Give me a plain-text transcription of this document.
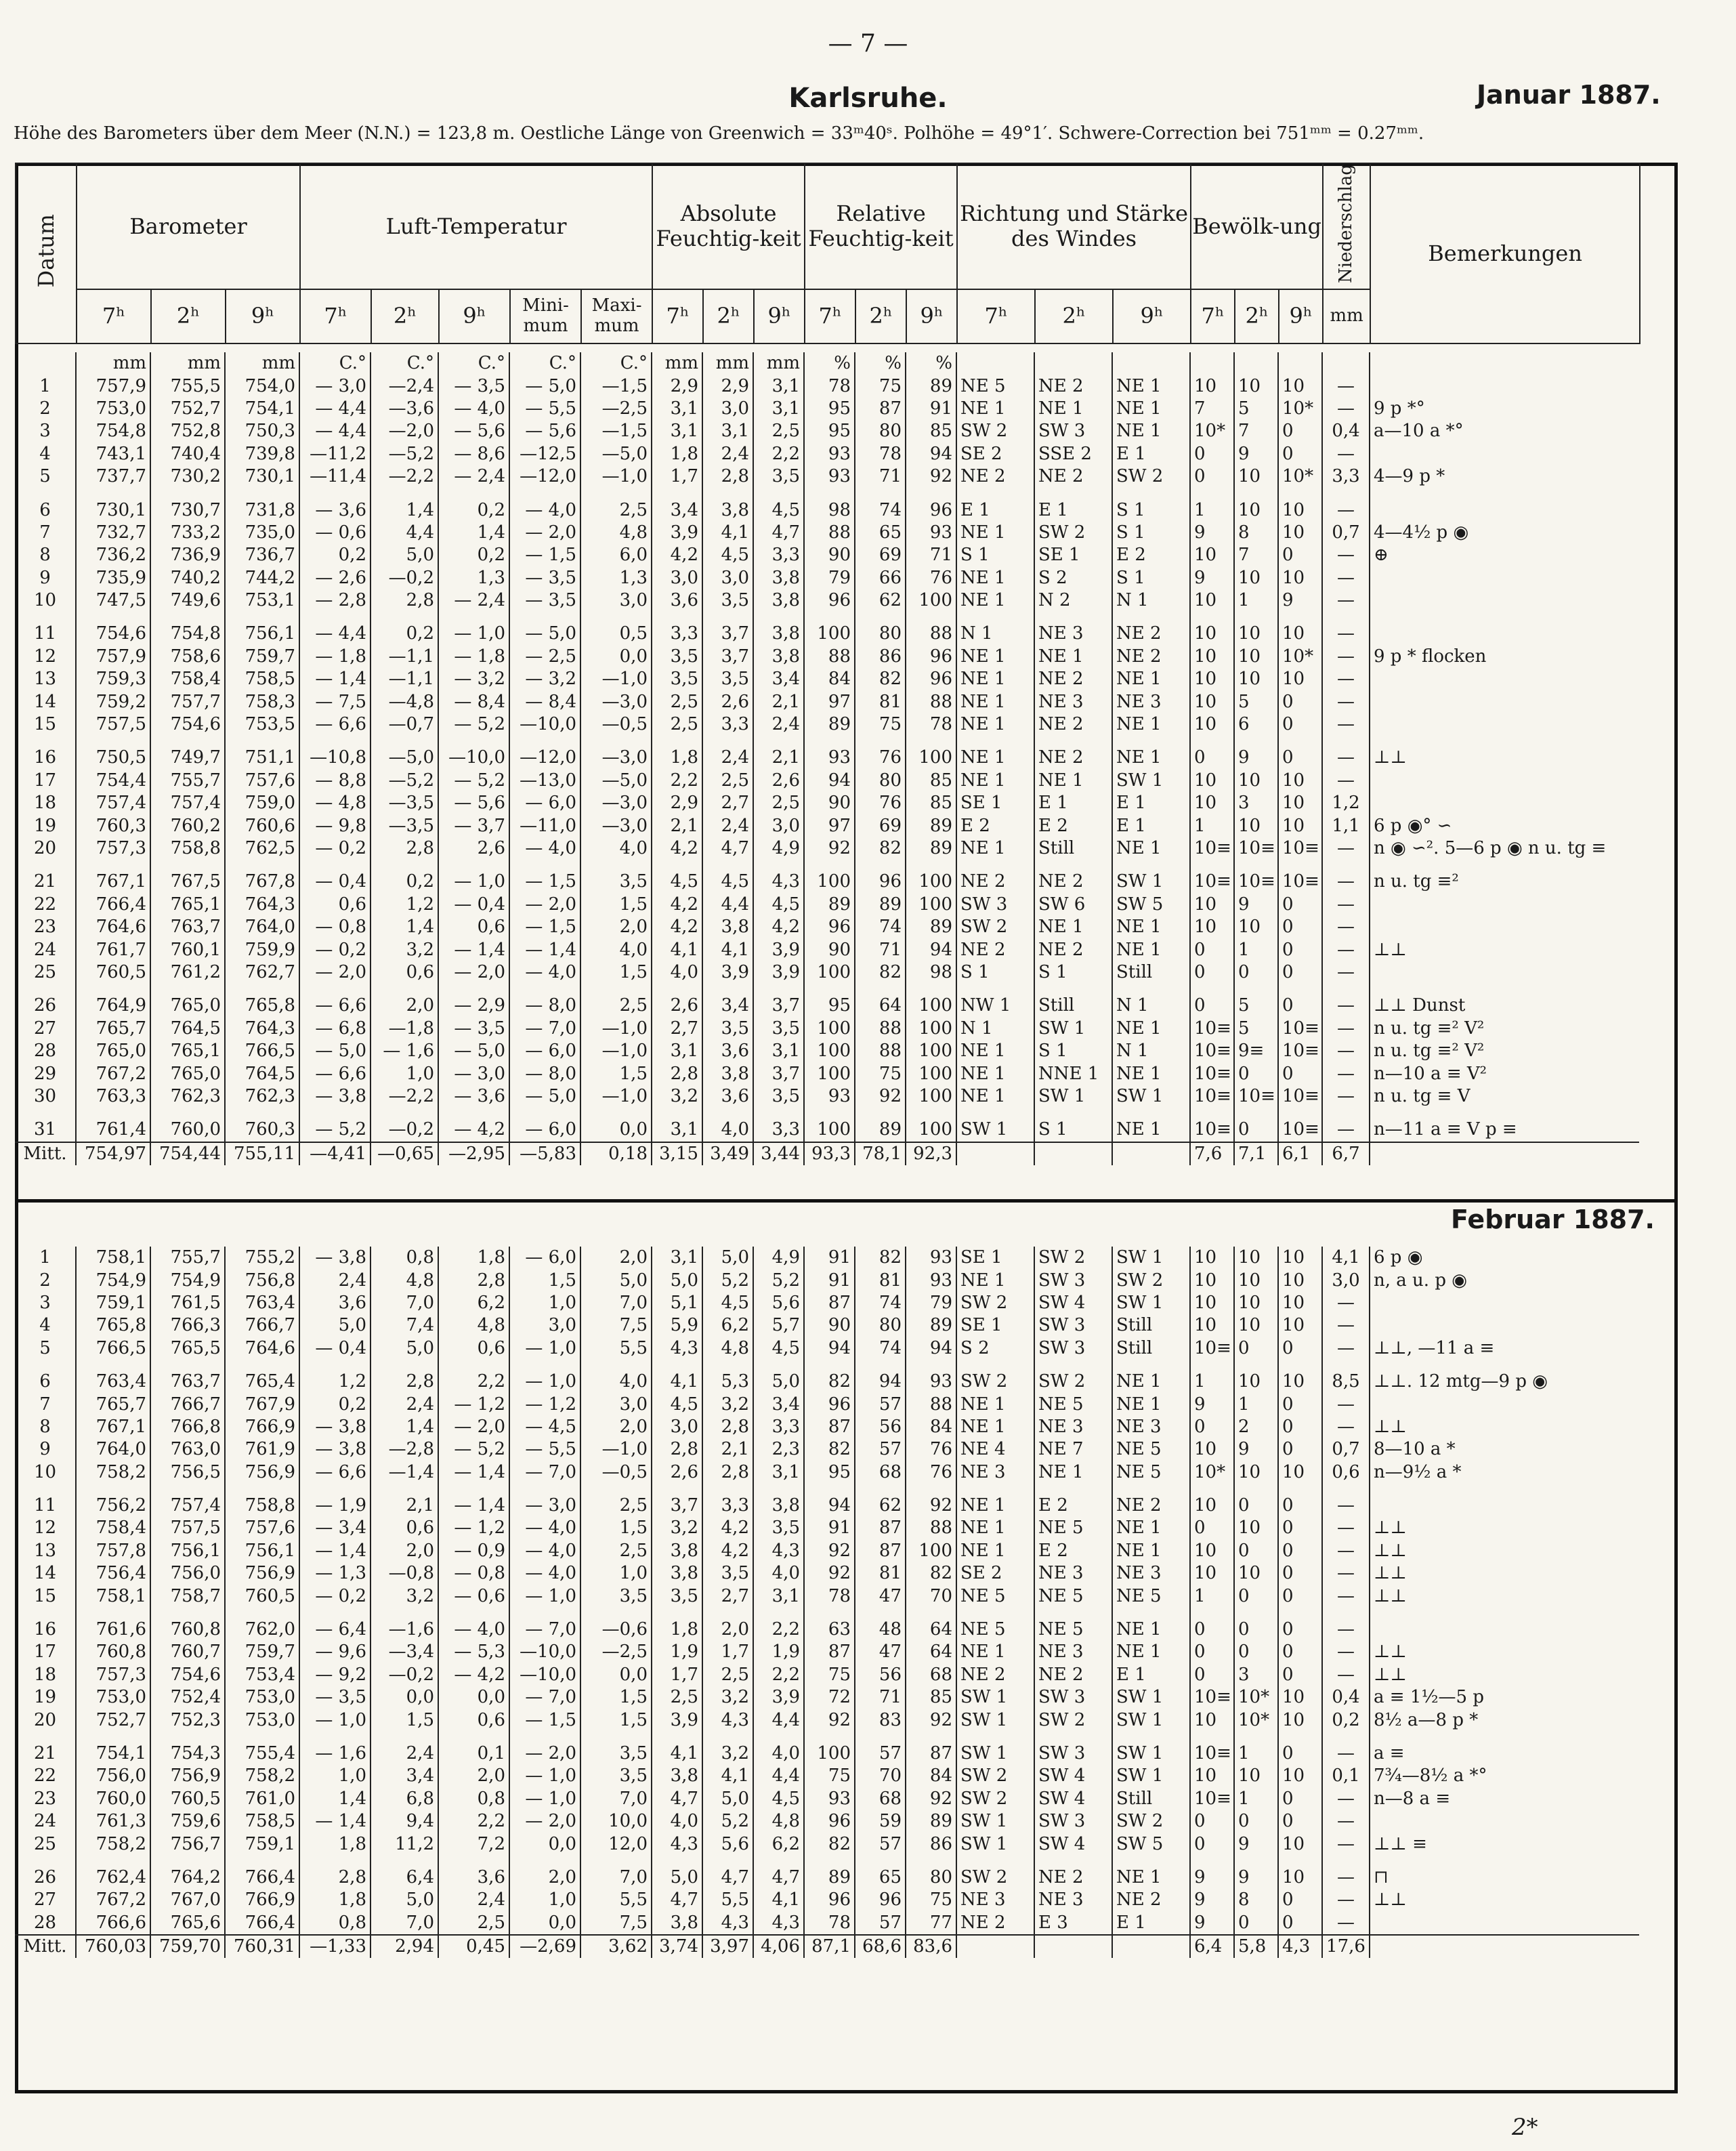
— 7 —
Karlsruhe.	Januar 1887.
Höhe des Barometers über dem Meer (N.N.) = 123,8 m. Oestliche Länge von Greenwich = 33ᵐ40ˢ. Polhöhe = 49°1′. Schwere-Correction bei 751ᵐᵐ = 0.27ᵐᵐ.
Datum	Barometer			Luft-Temperatur					Absolute Feuchtig-keit			Relative Feuchtig-keit			Richtung und Stärke des Windes			Bewölk-ung			Niederschlag	Bemerkungen
	7ʰ	2ʰ	9ʰ	7ʰ	2ʰ	9ʰ	Mini-mum	Maxi-mum	7ʰ	2ʰ	9ʰ	7ʰ	2ʰ	9ʰ	7ʰ	2ʰ	9ʰ	7ʰ	2ʰ	9ʰ	mm	
	mm	mm	mm	C.°	C.°	C.°	C.°	C.°	mm	mm	mm	%	%	%								
1	757,9	755,5	754,0	— 3,0	—2,4	— 3,5	— 5,0	—1,5	2,9	2,9	3,1	78	75	89	NE 5	NE 2	NE 1	10	10	10	—	
2	753,0	752,7	754,1	— 4,4	—3,6	— 4,0	— 5,5	—2,5	3,1	3,0	3,1	95	87	91	NE 1	NE 1	NE 1	7	5	10*	—	9 p *°
3	754,8	752,8	750,3	— 4,4	—2,0	— 5,6	— 5,6	—1,5	3,1	3,1	2,5	95	80	85	SW 2	SW 3	NE 1	10*	7	0	0,4	a—10 a *°
4	743,1	740,4	739,8	—11,2	—5,2	— 8,6	—12,5	—5,0	1,8	2,4	2,2	93	78	94	SE 2	SSE 2	E 1	0	9	0	—	
5	737,7	730,2	730,1	—11,4	—2,2	— 2,4	—12,0	—1,0	1,7	2,8	3,5	93	71	92	NE 2	NE 2	SW 2	0	10	10*	3,3	4—9 p *
6	730,1	730,7	731,8	— 3,6	1,4	0,2	— 4,0	2,5	3,4	3,8	4,5	98	74	96	E 1	E 1	S 1	1	10	10	—	
7	732,7	733,2	735,0	— 0,6	4,4	1,4	— 2,0	4,8	3,9	4,1	4,7	88	65	93	NE 1	SW 2	S 1	9	8	10	0,7	4—4½ p ◉
8	736,2	736,9	736,7	0,2	5,0	0,2	— 1,5	6,0	4,2	4,5	3,3	90	69	71	S 1	SE 1	E 2	10	7	0	—	⊕
9	735,9	740,2	744,2	— 2,6	—0,2	1,3	— 3,5	1,3	3,0	3,0	3,8	79	66	76	NE 1	S 2	S 1	9	10	10	—	
10	747,5	749,6	753,1	— 2,8	2,8	— 2,4	— 3,5	3,0	3,6	3,5	3,8	96	62	100	NE 1	N 2	N 1	10	1	9	—	
11	754,6	754,8	756,1	— 4,4	0,2	— 1,0	— 5,0	0,5	3,3	3,7	3,8	100	80	88	N 1	NE 3	NE 2	10	10	10	—	
12	757,9	758,6	759,7	— 1,8	—1,1	— 1,8	— 2,5	0,0	3,5	3,7	3,8	88	86	96	NE 1	NE 1	NE 2	10	10	10*	—	9 p * flocken
13	759,3	758,4	758,5	— 1,4	—1,1	— 3,2	— 3,2	—1,0	3,5	3,5	3,4	84	82	96	NE 1	NE 2	NE 1	10	10	10	—	
14	759,2	757,7	758,3	— 7,5	—4,8	— 8,4	— 8,4	—3,0	2,5	2,6	2,1	97	81	88	NE 1	NE 3	NE 3	10	5	0	—	
15	757,5	754,6	753,5	— 6,6	—0,7	— 5,2	—10,0	—0,5	2,5	3,3	2,4	89	75	78	NE 1	NE 2	NE 1	10	6	0	—	
16	750,5	749,7	751,1	—10,8	—5,0	—10,0	—12,0	—3,0	1,8	2,4	2,1	93	76	100	NE 1	NE 2	NE 1	0	9	0	—	⊥⊥
17	754,4	755,7	757,6	— 8,8	—5,2	— 5,2	—13,0	—5,0	2,2	2,5	2,6	94	80	85	NE 1	NE 1	SW 1	10	10	10	—	
18	757,4	757,4	759,0	— 4,8	—3,5	— 5,6	— 6,0	—3,0	2,9	2,7	2,5	90	76	85	SE 1	E 1	E 1	10	3	10	1,2	
19	760,3	760,2	760,6	— 9,8	—3,5	— 3,7	—11,0	—3,0	2,1	2,4	3,0	97	69	89	E 2	E 2	E 1	1	10	10	1,1	6 p ◉° ∽
20	757,3	758,8	762,5	— 0,2	2,8	2,6	— 4,0	4,0	4,2	4,7	4,9	92	82	89	NE 1	Still	NE 1	10≡	10≡	10≡	—	n ◉ ∽². 5—6 p ◉ n u. tg ≡
21	767,1	767,5	767,8	— 0,4	0,2	— 1,0	— 1,5	3,5	4,5	4,5	4,3	100	96	100	NE 2	NE 2	SW 1	10≡	10≡	10≡	—	n u. tg ≡²
22	766,4	765,1	764,3	0,6	1,2	— 0,4	— 2,0	1,5	4,2	4,4	4,5	89	89	100	SW 3	SW 6	SW 5	10	9	0	—	
23	764,6	763,7	764,0	— 0,8	1,4	0,6	— 1,5	2,0	4,2	3,8	4,2	96	74	89	SW 2	NE 1	NE 1	10	10	0	—	
24	761,7	760,1	759,9	— 0,2	3,2	— 1,4	— 1,4	4,0	4,1	4,1	3,9	90	71	94	NE 2	NE 2	NE 1	0	1	0	—	⊥⊥
25	760,5	761,2	762,7	— 2,0	0,6	— 2,0	— 4,0	1,5	4,0	3,9	3,9	100	82	98	S 1	S 1	Still	0	0	0	—	
26	764,9	765,0	765,8	— 6,6	2,0	— 2,9	— 8,0	2,5	2,6	3,4	3,7	95	64	100	NW 1	Still	N 1	0	5	0	—	⊥⊥ Dunst
27	765,7	764,5	764,3	— 6,8	—1,8	— 3,5	— 7,0	—1,0	2,7	3,5	3,5	100	88	100	N 1	SW 1	NE 1	10≡	5	10≡	—	n u. tg ≡² V²
28	765,0	765,1	766,5	— 5,0	— 1,6	— 5,0	— 6,0	—1,0	3,1	3,6	3,1	100	88	100	NE 1	S 1	N 1	10≡	9≡	10≡	—	n u. tg ≡² V²
29	767,2	765,0	764,5	— 6,6	1,0	— 3,0	— 8,0	1,5	2,8	3,8	3,7	100	75	100	NE 1	NNE 1	NE 1	10≡	0	0	—	n—10 a ≡ V²
30	763,3	762,3	762,3	— 3,8	—2,2	— 3,6	— 5,0	—1,0	3,2	3,6	3,5	93	92	100	NE 1	SW 1	SW 1	10≡	10≡	10≡	—	n u. tg ≡ V
31	761,4	760,0	760,3	— 5,2	—0,2	— 4,2	— 6,0	0,0	3,1	4,0	3,3	100	89	100	SW 1	S 1	NE 1	10≡	0	10≡	—	n—11 a ≡ V p ≡
Mitt.	754,97	754,44	755,11	—4,41	—0,65	—2,95	—5,83	0,18	3,15	3,49	3,44	93,3	78,1	92,3				7,6	7,1	6,1	6,7	
Februar 1887.
1	758,1	755,7	755,2	— 3,8	0,8	1,8	— 6,0	2,0	3,1	5,0	4,9	91	82	93	SE 1	SW 2	SW 1	10	10	10	4,1	6 p ◉
2	754,9	754,9	756,8	2,4	4,8	2,8	1,5	5,0	5,0	5,2	5,2	91	81	93	NE 1	SW 3	SW 2	10	10	10	3,0	n, a u. p ◉
3	759,1	761,5	763,4	3,6	7,0	6,2	1,0	7,0	5,1	4,5	5,6	87	74	79	SW 2	SW 4	SW 1	10	10	10	—	
4	765,8	766,3	766,7	5,0	7,4	4,8	3,0	7,5	5,9	6,2	5,7	90	80	89	SE 1	SW 3	Still	10	10	10	—	
5	766,5	765,5	764,6	— 0,4	5,0	0,6	— 1,0	5,5	4,3	4,8	4,5	94	74	94	S 2	SW 3	Still	10≡	0	0	—	⊥⊥, —11 a ≡
6	763,4	763,7	765,4	1,2	2,8	2,2	— 1,0	4,0	4,1	5,3	5,0	82	94	93	SW 2	SW 2	NE 1	1	10	10	8,5	⊥⊥. 12 mtg—9 p ◉
7	765,7	766,7	767,9	0,2	2,4	— 1,2	— 1,2	3,0	4,5	3,2	3,4	96	57	88	NE 1	NE 5	NE 1	9	1	0	—	
8	767,1	766,8	766,9	— 3,8	1,4	— 2,0	— 4,5	2,0	3,0	2,8	3,3	87	56	84	NE 1	NE 3	NE 3	0	2	0	—	⊥⊥
9	764,0	763,0	761,9	— 3,8	—2,8	— 5,2	— 5,5	—1,0	2,8	2,1	2,3	82	57	76	NE 4	NE 7	NE 5	10	9	0	0,7	8—10 a *
10	758,2	756,5	756,9	— 6,6	—1,4	— 1,4	— 7,0	—0,5	2,6	2,8	3,1	95	68	76	NE 3	NE 1	NE 5	10*	10	10	0,6	n—9½ a *
11	756,2	757,4	758,8	— 1,9	2,1	— 1,4	— 3,0	2,5	3,7	3,3	3,8	94	62	92	NE 1	E 2	NE 2	10	0	0	—	
12	758,4	757,5	757,6	— 3,4	0,6	— 1,2	— 4,0	1,5	3,2	4,2	3,5	91	87	88	NE 1	NE 5	NE 1	0	10	0	—	⊥⊥
13	757,8	756,1	756,1	— 1,4	2,0	— 0,9	— 4,0	2,5	3,8	4,2	4,3	92	87	100	NE 1	E 2	NE 1	10	0	0	—	⊥⊥
14	756,4	756,0	756,9	— 1,3	—0,8	— 0,8	— 4,0	1,0	3,8	3,5	4,0	92	81	82	SE 2	NE 3	NE 3	10	10	0	—	⊥⊥
15	758,1	758,7	760,5	— 0,2	3,2	— 0,6	— 1,0	3,5	3,5	2,7	3,1	78	47	70	NE 5	NE 5	NE 5	1	0	0	—	⊥⊥
16	761,6	760,8	762,0	— 6,4	—1,6	— 4,0	— 7,0	—0,6	1,8	2,0	2,2	63	48	64	NE 5	NE 5	NE 1	0	0	0	—	
17	760,8	760,7	759,7	— 9,6	—3,4	— 5,3	—10,0	—2,5	1,9	1,7	1,9	87	47	64	NE 1	NE 3	NE 1	0	0	0	—	⊥⊥
18	757,3	754,6	753,4	— 9,2	—0,2	— 4,2	—10,0	0,0	1,7	2,5	2,2	75	56	68	NE 2	NE 2	E 1	0	3	0	—	⊥⊥
19	753,0	752,4	753,0	— 3,5	0,0	0,0	— 7,0	1,5	2,5	3,2	3,9	72	71	85	SW 1	SW 3	SW 1	10≡	10*	10	0,4	a ≡ 1½—5 p
20	752,7	752,3	753,0	— 1,0	1,5	0,6	— 1,5	1,5	3,9	4,3	4,4	92	83	92	SW 1	SW 2	SW 1	10	10*	10	0,2	8½ a—8 p *
21	754,1	754,3	755,4	— 1,6	2,4	0,1	— 2,0	3,5	4,1	3,2	4,0	100	57	87	SW 1	SW 3	SW 1	10≡	1	0	—	a ≡
22	756,0	756,9	758,2	1,0	3,4	2,0	— 1,0	3,5	3,8	4,1	4,4	75	70	84	SW 2	SW 4	SW 1	10	10	10	0,1	7¾—8½ a *°
23	760,0	760,5	761,0	1,4	6,8	0,8	— 1,0	7,0	4,7	5,0	4,5	93	68	92	SW 2	SW 4	Still	10≡	1	0	—	n—8 a ≡
24	761,3	759,6	758,5	— 1,4	9,4	2,2	— 2,0	10,0	4,0	5,2	4,8	96	59	89	SW 1	SW 3	SW 2	0	0	0	—	
25	758,2	756,7	759,1	1,8	11,2	7,2	0,0	12,0	4,3	5,6	6,2	82	57	86	SW 1	SW 4	SW 5	0	9	10	—	⊥⊥ ≡
26	762,4	764,2	766,4	2,8	6,4	3,6	2,0	7,0	5,0	4,7	4,7	89	65	80	SW 2	NE 2	NE 1	9	9	10	—	⊓
27	767,2	767,0	766,9	1,8	5,0	2,4	1,0	5,5	4,7	5,5	4,1	96	96	75	NE 3	NE 3	NE 2	9	8	0	—	⊥⊥
28	766,6	765,6	766,4	0,8	7,0	2,5	0,0	7,5	3,8	4,3	4,3	78	57	77	NE 2	E 3	E 1	9	0	0	—	
Mitt.	760,03	759,70	760,31	—1,33	2,94	0,45	—2,69	3,62	3,74	3,97	4,06	87,1	68,6	83,6				6,4	5,8	4,3	17,6	
2*
